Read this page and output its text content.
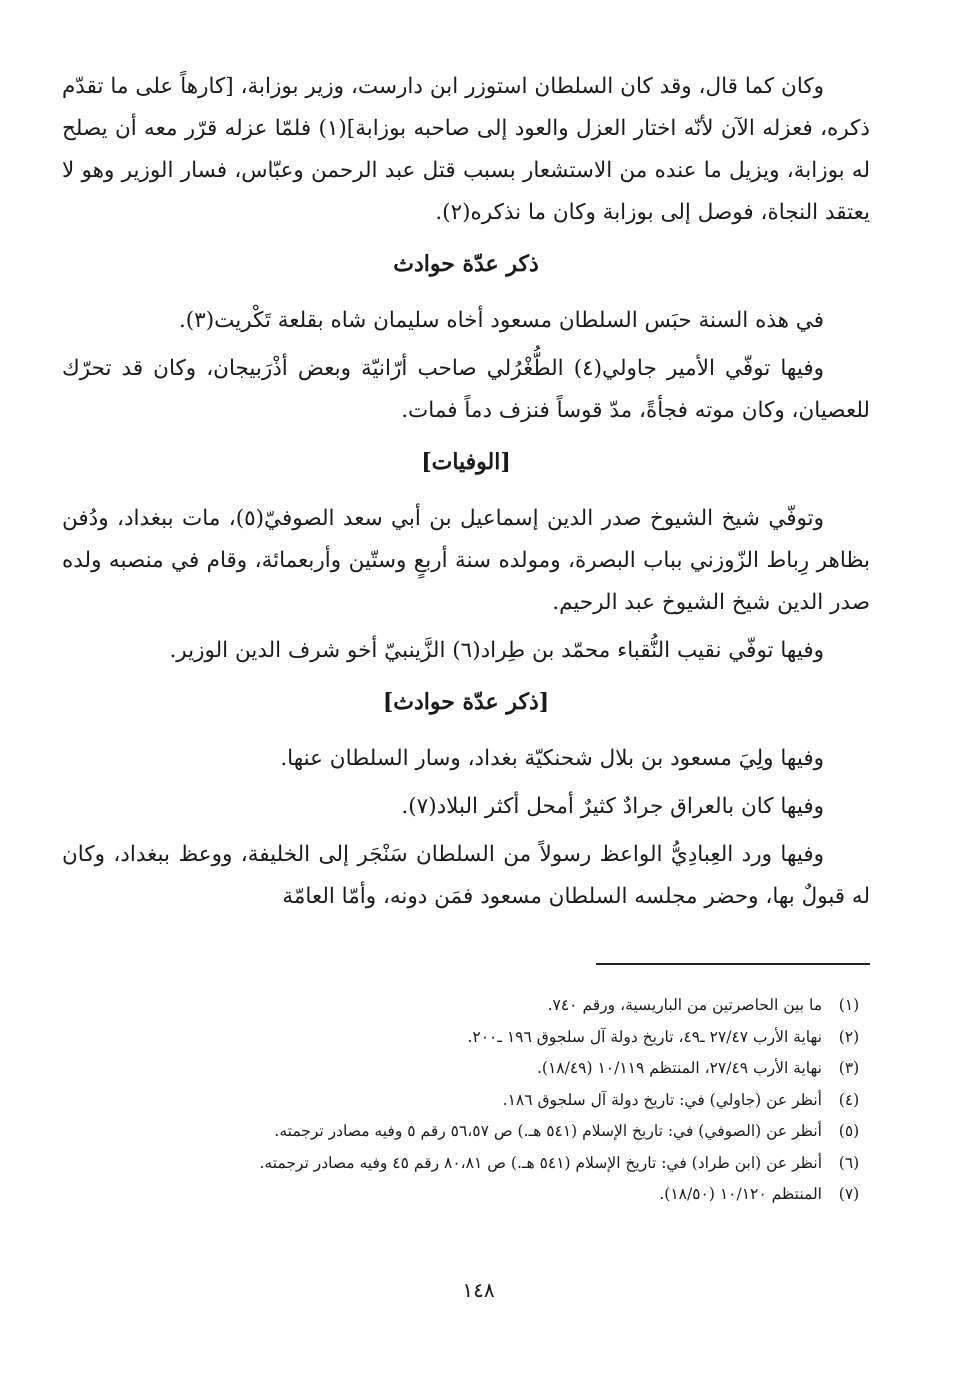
وكان كما قال، وقد كان السلطان استوزر ابن دارست، وزير بوزابة، [كارهاً على ما تقدّم ذكره، فعزله الآن لأنّه اختار العزل والعود إلى صاحبه بوزابة](١) فلمّا عزله قرّر معه أن يصلح له بوزابة، ويزيل ما عنده من الاستشعار بسبب قتل عبد الرحمن وعبّاس، فسار الوزير وهو لا يعتقد النجاة، فوصل إلى بوزابة وكان ما نذكره(٢).

ذكر عدّة حوادث

في هذه السنة حبَس السلطان مسعود أخاه سليمان شاه بقلعة تَكْريت(٣).

وفيها توفّي الأمير جاولي(٤) الطُّغْرُلي صاحب أرّانيّة وبعض أذْرَبيجان، وكان قد تحرّك للعصيان، وكان موته فجأةً، مدّ قوساً فنزف دماً فمات.

[الوفيات]

وتوفّي شيخ الشيوخ صدر الدين إسماعيل بن أبي سعد الصوفيّ(٥)، مات ببغداد، ودُفن بظاهر رِباط الزّوزني بباب البصرة، ومولده سنة أربعٍ وستّين وأربعمائة، وقام في منصبه ولده صدر الدين شيخ الشيوخ عبد الرحيم.

وفيها توفّي نقيب النُّقباء محمّد بن طِراد(٦) الزَّينبيّ أخو شرف الدين الوزير.

[ذكر عدّة حوادث]

وفيها ولِيَ مسعود بن بلال شحنكيّة بغداد، وسار السلطان عنها.

وفيها كان بالعراق جرادٌ كثيرٌ أمحل أكثر البلاد(٧).

وفيها ورد العِبادِيُّ الواعظ رسولاً من السلطان سَنْجَر إلى الخليفة، ووعظ ببغداد، وكان له قبولٌ بها، وحضر مجلسه السلطان مسعود فمَن دونه، وأمّا العامّة

(١)
ما بين الحاصرتين من الباريسية، ورقم ٧٤٠.
(٢)
نهاية الأرب ٢٧/٤٧ ـ٤٩، تاريخ دولة آل سلجوق ١٩٦ ـ٢٠٠.
(٣)
نهاية الأرب ٢٧/٤٩، المنتظم ١٠/١١٩ (١٨/٤٩).
(٤)
أنظر عن (جاولي) في: تاريخ دولة آل سلجوق ١٨٦.
(٥)
أنظر عن (الصوفي) في: تاريخ الإسلام (٥٤١ هـ.) ص ٥٦،٥٧ رقم ٥ وفيه مصادر ترجمته.
(٦)
أنظر عن (ابن طراد) في: تاريخ الإسلام (٥٤١ هـ.) ص ٨٠،٨١ رقم ٤٥ وفيه مصادر ترجمته.
(٧)
المنتظم ١٠/١٢٠ (١٨/٥٠).
١٤٨
